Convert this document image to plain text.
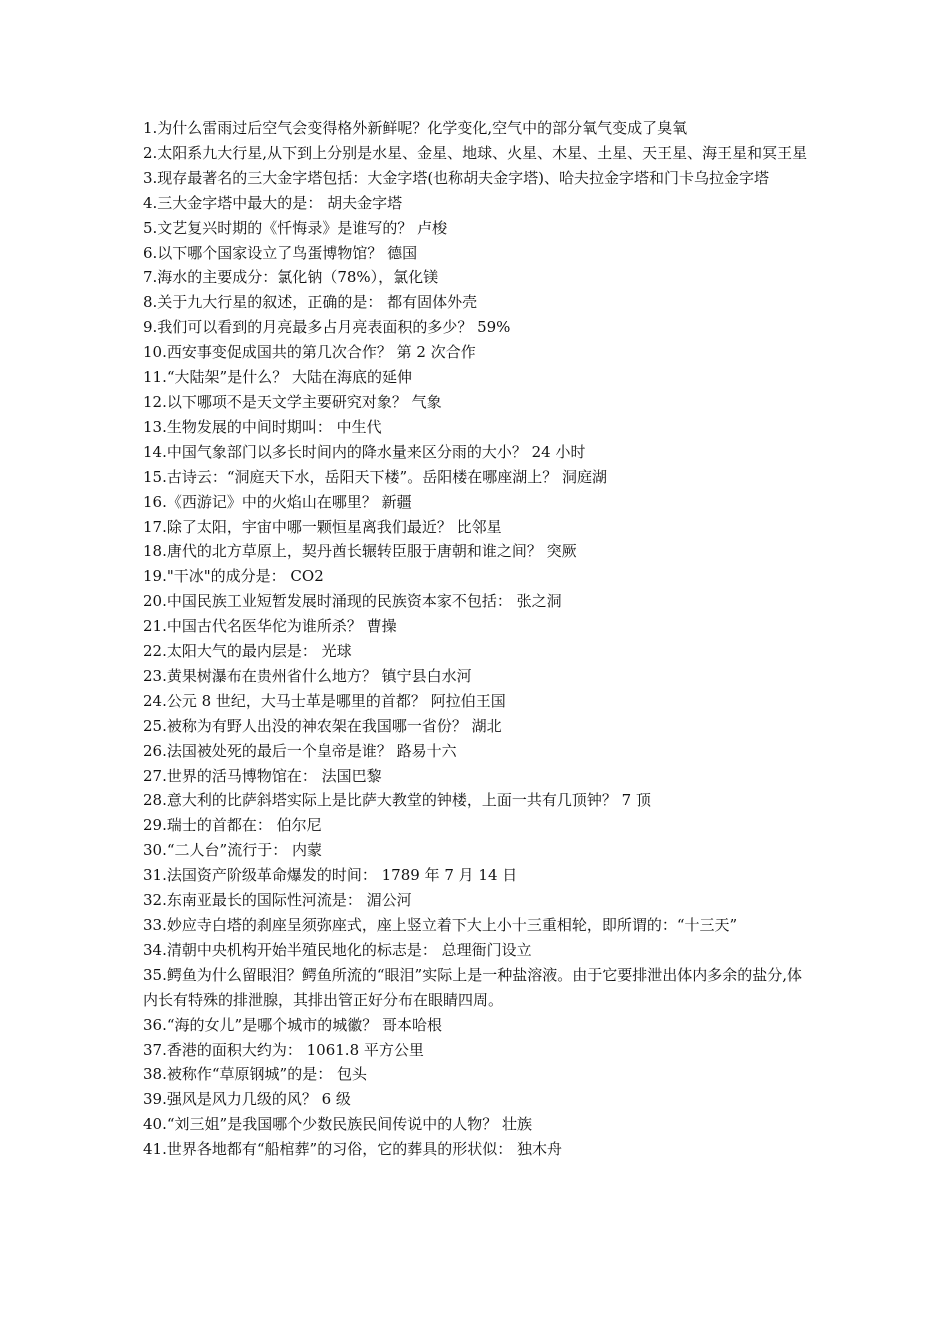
1.为什么雷雨过后空气会变得格外新鲜呢？化学变化,空气中的部分氧气变成了臭氧

2.太阳系九大行星,从下到上分别是水星、金星、地球、火星、木星、土星、天王星、海王星和冥王星

3.现存最著名的三大金字塔包括：大金字塔(也称胡夫金字塔)、哈夫拉金字塔和门卡乌拉金字塔

4.三大金字塔中最大的是： 胡夫金字塔

5.文艺复兴时期的《忏悔录》是谁写的？ 卢梭

6.以下哪个国家设立了鸟蛋博物馆？ 德国

7.海水的主要成分：氯化钠（78%），氯化镁

8.关于九大行星的叙述，正确的是： 都有固体外壳

9.我们可以看到的月亮最多占月亮表面积的多少？ 59%

10.西安事变促成国共的第几次合作？ 第 2 次合作

11.“大陆架”是什么？ 大陆在海底的延伸

12.以下哪项不是天文学主要研究对象？ 气象

13.生物发展的中间时期叫： 中生代

14.中国气象部门以多长时间内的降水量来区分雨的大小？ 24 小时

15.古诗云：“洞庭天下水，岳阳天下楼”。岳阳楼在哪座湖上？ 洞庭湖

16.《西游记》中的火焰山在哪里？ 新疆

17.除了太阳，宇宙中哪一颗恒星离我们最近？ 比邻星

18.唐代的北方草原上，契丹酋长辗转臣服于唐朝和谁之间？ 突厥

19."干冰"的成分是： CO2

20.中国民族工业短暂发展时涌现的民族资本家不包括： 张之洞

21.中国古代名医华佗为谁所杀？ 曹操

22.太阳大气的最内层是： 光球

23.黄果树瀑布在贵州省什么地方？ 镇宁县白水河

24.公元 8 世纪，大马士革是哪里的首都？ 阿拉伯王国

25.被称为有野人出没的神农架在我国哪一省份？ 湖北

26.法国被处死的最后一个皇帝是谁？ 路易十六

27.世界的活马博物馆在： 法国巴黎

28.意大利的比萨斜塔实际上是比萨大教堂的钟楼，上面一共有几顶钟？ 7 顶

29.瑞士的首都在： 伯尔尼

30.“二人台”流行于： 内蒙

31.法国资产阶级革命爆发的时间： 1789 年 7 月 14 日

32.东南亚最长的国际性河流是： 湄公河

33.妙应寺白塔的刹座呈须弥座式，座上竖立着下大上小十三重相轮，即所谓的：“十三天”

34.清朝中央机构开始半殖民地化的标志是： 总理衙门设立

35.鳄鱼为什么留眼泪？鳄鱼所流的“眼泪”实际上是一种盐溶液。由于它要排泄出体内多余的盐分,体内长有特殊的排泄腺，其排出管正好分布在眼睛四周。

36.“海的女儿”是哪个城市的城徽？ 哥本哈根

37.香港的面积大约为： 1061.8 平方公里

38.被称作“草原钢城”的是： 包头

39.强风是风力几级的风？ 6 级

40.“刘三姐”是我国哪个少数民族民间传说中的人物？ 壮族

41.世界各地都有“船棺葬”的习俗，它的葬具的形状似： 独木舟
